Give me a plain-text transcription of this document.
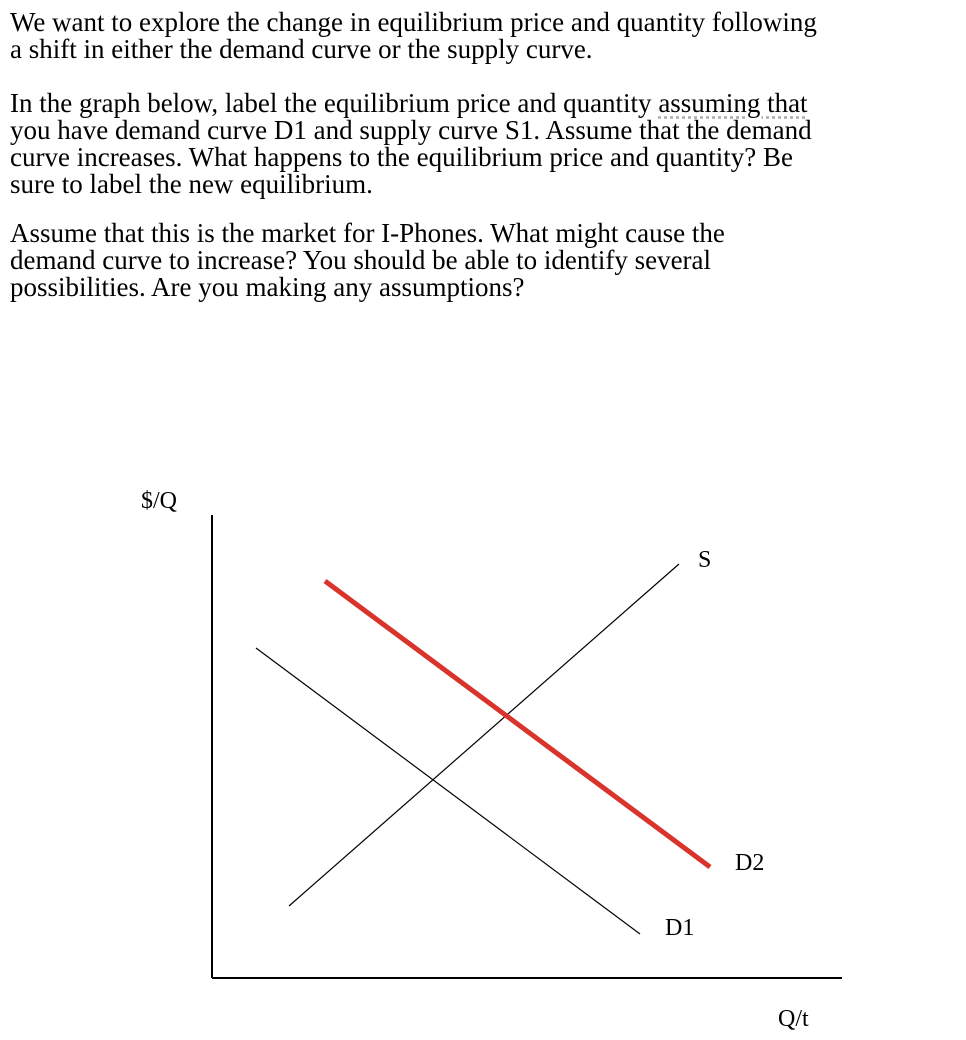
We want to explore the change in equilibrium price and quantity following
a shift in either the demand curve or the supply curve.

In the graph below, label the equilibrium price and quantity assuming that
you have demand curve D1 and supply curve S1. Assume that the demand
curve increases. What happens to the equilibrium price and quantity? Be
sure to label the new equilibrium.

Assume that this is the market for I-Phones. What might cause the
demand curve to increase? You should be able to identify several
possibilities. Are you making any assumptions?

$/Q
Q/t
S
D1
D2
